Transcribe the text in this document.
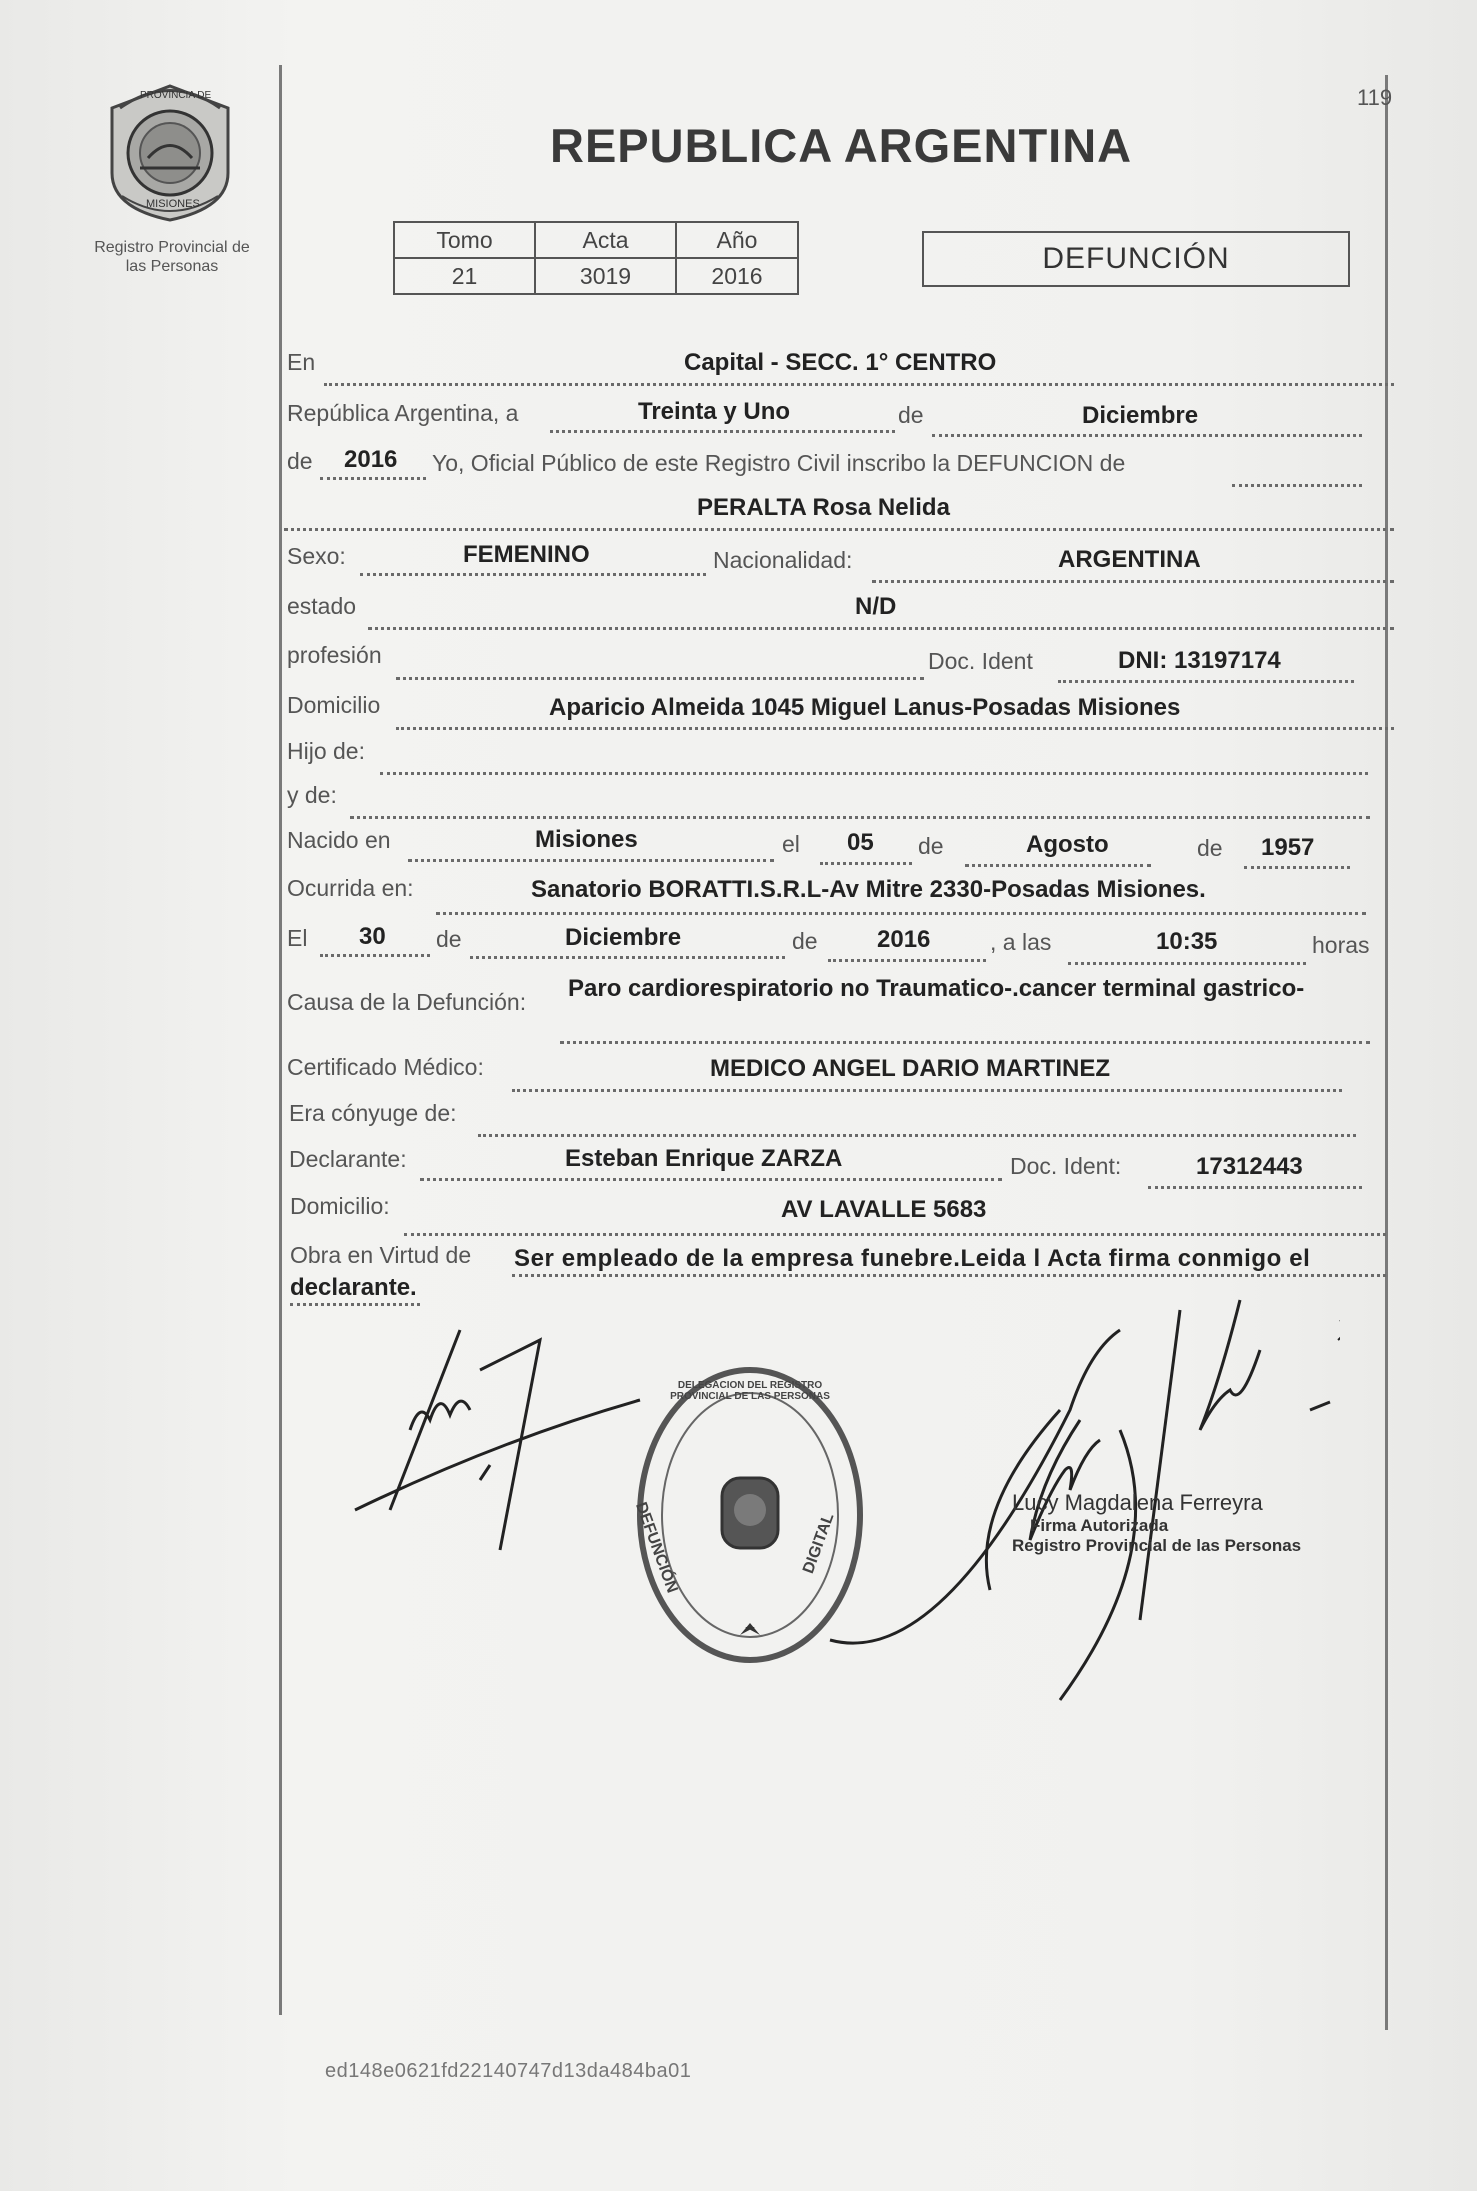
119
PROVINCIA DE
MISIONES
Registro Provincial de
las Personas
REPUBLICA ARGENTINA
Tomo	Acta	Año
21	3019	2016
DEFUNCIÓN
En	Capital - SECC. 1° CENTRO
República Argentina, a	Treinta y Uno	de	Diciembre
de 2016 Yo, Oficial Público de este Registro Civil inscribo la DEFUNCION de
PERALTA Rosa Nelida
Sexo:	FEMENINO	Nacionalidad:	ARGENTINA
estado	N/D
profesión	Doc. Ident	DNI: 13197174
Domicilio	Aparicio Almeida 1045 Miguel Lanus-Posadas Misiones
Hijo de:
y de:
Nacido en	Misiones	el 05 de	Agosto	de 1957
Ocurrida en:	Sanatorio BORATTI.S.R.L-Av Mitre 2330-Posadas Misiones.
El 30 de	Diciembre	de 2016	, a las	10:35	horas
Causa de la Defunción: Paro cardiorespiratorio no Traumatico-.cancer terminal gastrico-
Certificado Médico:	MEDICO ANGEL DARIO MARTINEZ
Era cónyuge de:
Declarante:	Esteban Enrique ZARZA	Doc. Ident:	17312443
Domicilio:	AV LAVALLE 5683
Obra en Virtud de Ser empleado de la empresa funebre.Leida l Acta firma conmigo el
declarante.
DELEGACION DEL REGISTRO PROVINCIAL DE LAS PERSONAS
DEFUNCIÓN	DIGITAL
Lucy Magdalena Ferreyra
Firma Autorizada
Registro Provincial de las Personas
ed148e0621fd22140747d13da484ba01
